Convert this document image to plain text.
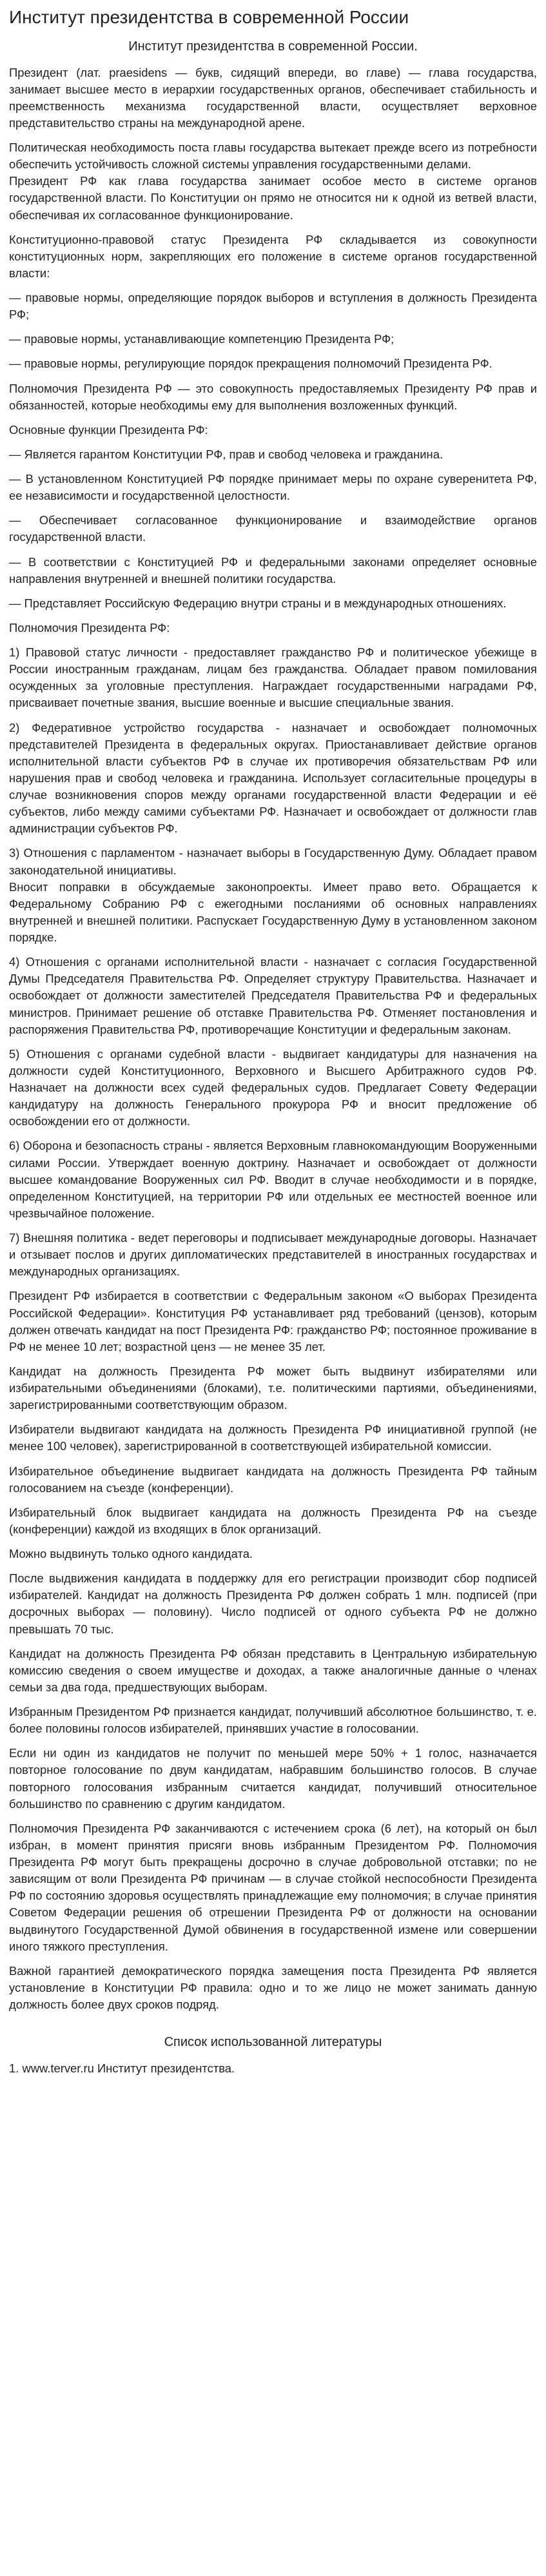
Институт президентства в современной России
Институт президентства в современной России.

Президент (лат. praesidens — букв, сидящий впереди, во главе) — глава государства, занимает высшее место в иерархии государственных органов, обеспечивает стабильность и преемственность механизма государственной власти, осуществляет верховное представительство страны на международной арене.

Политическая необходимость поста главы государства вытекает прежде всего из потребности обеспечить устойчивость сложной системы управления государственными делами.
Президент РФ как глава государства занимает особое место в системе органов государственной власти. По Конституции он прямо не относится ни к одной из ветвей власти, обеспечивая их согласованное функционирование.

Конституционно-правовой статус Президента РФ складывается из совокупности конституционных норм, закрепляющих его положение в системе органов государственной власти:

— правовые нормы, определяющие порядок выборов и вступления в должность Президента РФ;

— правовые нормы, устанавливающие компетенцию Президента РФ;

— правовые нормы, регулирующие порядок прекращения полномочий Президента РФ.

Полномочия Президента РФ — это совокупность предоставляемых Президенту РФ прав и обязанностей, которые необходимы ему для выполнения возложенных функций.

Основные функции Президента РФ:

— Является гарантом Конституции РФ, прав и свобод человека и гражданина.

— В установленном Конституцией РФ порядке принимает меры по охране суверенитета РФ, ее независимости и государственной целостности.

— Обеспечивает согласованное функционирование и взаимодействие органов государственной власти.

— В соответствии с Конституцией РФ и федеральными законами определяет основные направления внутренней и внешней политики государства.

— Представляет Российскую Федерацию внутри страны и в международных отношениях.

Полномочия Президента РФ:

1) Правовой статус личности - предоставляет гражданство РФ и политическое убежище в России иностранным гражданам, лицам без гражданства. Обладает правом помилования осужденных за уголовные преступления. Награждает государственными наградами РФ, присваивает почетные звания, высшие военные и высшие специальные звания.

2) Федеративное устройство государства - назначает и освобождает полномочных представителей Президента в федеральных округах. Приостанавливает действие органов исполнительной власти субъектов РФ в случае их противоречия обязательствам РФ или нарушения прав и свобод человека и гражданина. Использует согласительные процедуры в случае возникновения споров между органами государственной власти Федерации и её субъектов, либо между самими субъектами РФ. Назначает и освобождает от должности глав администрации субъектов РФ.

3) Отношения с парламентом - назначает выборы в Государственную Думу. Обладает правом законодательной инициативы.
Вносит поправки в обсуждаемые законопроекты. Имеет право вето. Обращается к Федеральному Собранию РФ с ежегодными посланиями об основных направлениях внутренней и внешней политики. Распускает Государственную Думу в установленном законом порядке.

4) Отношения с органами исполнительной власти - назначает с согласия Государственной Думы Председателя Правительства РФ. Определяет структуру Правительства. Назначает и освобождает от должности заместителей Председателя Правительства РФ и федеральных министров. Принимает решение об отставке Правительства РФ. Отменяет постановления и распоряжения Правительства РФ, противоречащие Конституции и федеральным законам.

5) Отношения с органами судебной власти - выдвигает кандидатуры для назначения на должности судей Конституционного, Верховного и Высшего Арбитражного судов РФ. Назначает на должности всех судей федеральных судов. Предлагает Совету Федерации кандидатуру на должность Генерального прокурора РФ и вносит предложение об освобождении его от должности.

6) Оборона и безопасность страны - является Верховным главнокомандующим Вооруженными силами России. Утверждает военную доктрину. Назначает и освобождает от должности высшее командование Вооруженных сил РФ. Вводит в случае необходимости и в порядке, определенном Конституцией, на территории РФ или отдельных ее местностей военное или чрезвычайное положение.

7) Внешняя политика - ведет переговоры и подписывает международные договоры. Назначает и отзывает послов и других дипломатических представителей в иностранных государствах и международных организациях.

Президент РФ избирается в соответствии с Федеральным законом «О выборах Президента Российской Федерации». Конституция РФ устанавливает ряд требований (цензов), которым должен отвечать кандидат на пост Президента РФ: гражданство РФ; постоянное проживание в РФ не менее 10 лет; возрастной ценз — не менее 35 лет.

Кандидат на должность Президента РФ может быть выдвинут избирателями или избирательными объединениями (блоками), т.е. политическими партиями, объединениями, зарегистрированными соответствующим образом.

Избиратели выдвигают кандидата на должность Президента РФ инициативной группой (не менее 100 человек), зарегистрированной в соответствующей избирательной комиссии.

Избирательное объединение выдвигает кандидата на должность Президента РФ тайным голосованием на съезде (конференции).

Избирательный блок выдвигает кандидата на должность Президента РФ на съезде (конференции) каждой из входящих в блок организаций.

Можно выдвинуть только одного кандидата.

После выдвижения кандидата в поддержку для его регистрации производит сбор подписей избирателей. Кандидат на должность Президента РФ должен собрать 1 млн. подписей (при досрочных выборах — половину). Число подписей от одного субъекта РФ не должно превышать 70 тыс.

Кандидат на должность Президента РФ обязан представить в Центральную избирательную комиссию сведения о своем имуществе и доходах, а также аналогичные данные о членах семьи за два года, предшествующих выборам.

Избранным Президентом РФ признается кандидат, получивший абсолютное большинство, т. е. более половины голосов избирателей, принявших участие в голосовании.

Если ни один из кандидатов не получит по меньшей мере 50% + 1 голос, назначается повторное голосование по двум кандидатам, набравшим большинство голосов. В случае повторного голосования избранным считается кандидат, получивший относительное большинство по сравнению с другим кандидатом.

Полномочия Президента РФ заканчиваются с истечением срока (6 лет), на который он был избран, в момент принятия присяги вновь избранным Президентом РФ. Полномочия Президента РФ могут быть прекращены досрочно в случае добровольной отставки; по не зависящим от воли Президента РФ причинам — в случае стойкой неспособности Президента РФ по состоянию здоровья осуществлять принадлежащие ему полномочия; в случае принятия Советом Федерации решения об отрешении Президента РФ от должности на основании выдвинутого Государственной Думой обвинения в государственной измене или совершении иного тяжкого преступления.

Важной гарантией демократического порядка замещения поста Президента РФ является установление в Конституции РФ правила: одно и то же лицо не может занимать данную должность более двух сроков подряд.

Список использованной литературы
1. www.terver.ru Институт президентства.
